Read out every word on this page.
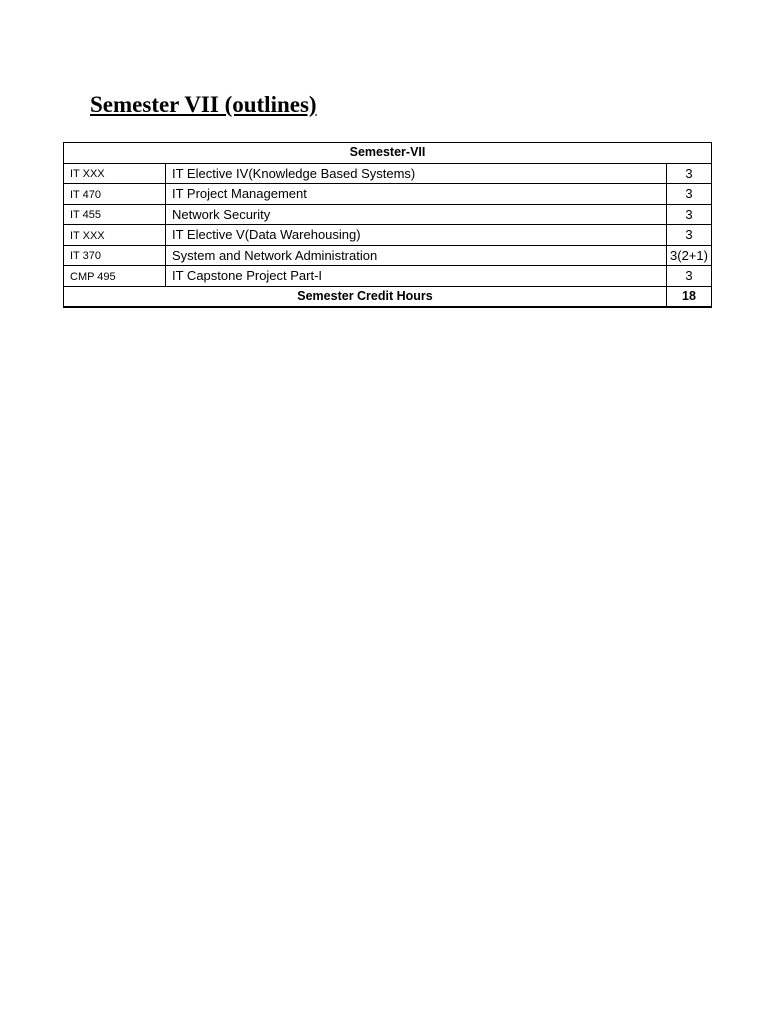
Semester VII (outlines)
Semester-VII		
IT XXX	IT Elective IV(Knowledge Based Systems)	3
IT 470	IT Project Management	3
IT 455	Network Security	3
IT XXX	IT Elective V(Data Warehousing)	3
IT 370	System and Network Administration	3(2+1)
CMP 495	IT Capstone Project Part-I	3
Semester Credit Hours		18
